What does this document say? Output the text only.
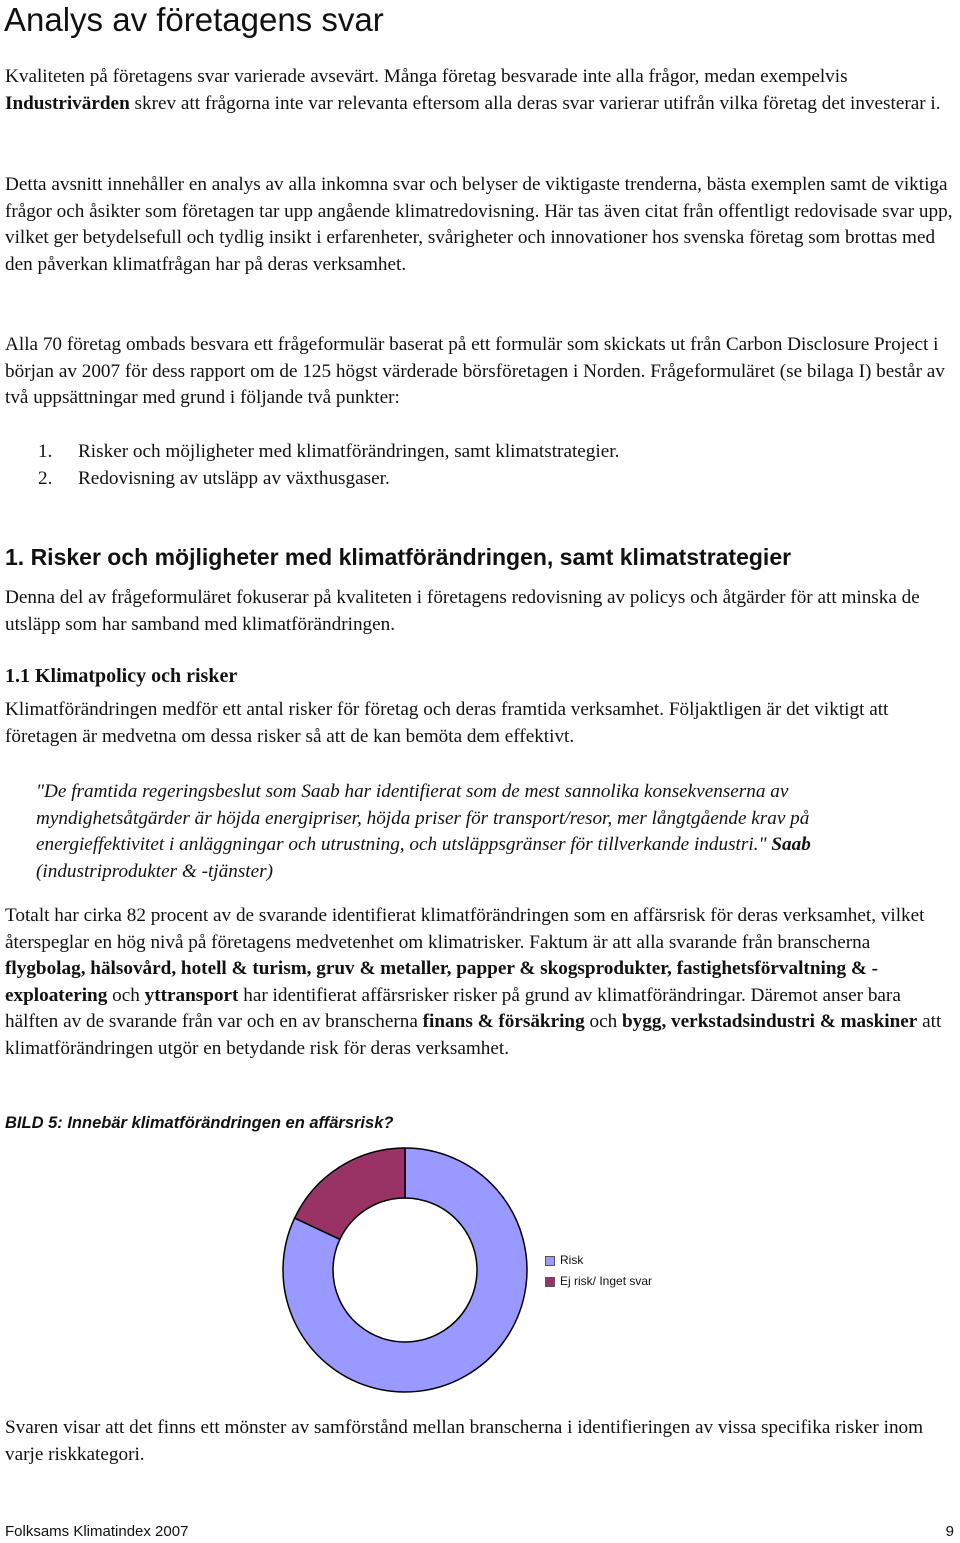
Analys av företagens svar

Kvaliteten på företagens svar varierade avsevärt. Många företag besvarade inte alla frågor, medan exempelvis Industrivärden skrev att frågorna inte var relevanta eftersom alla deras svar varierar utifrån vilka företag det investerar i.

Detta avsnitt innehåller en analys av alla inkomna svar och belyser de viktigaste trenderna, bästa exemplen samt de viktiga frågor och åsikter som företagen tar upp angående klimatredovisning. Här tas även citat från offentligt redovisade svar upp, vilket ger betydelsefull och tydlig insikt i erfarenheter, svårigheter och innovationer hos svenska företag som brottas med den påverkan klimatfrågan har på deras verksamhet.

Alla 70 företag ombads besvara ett frågeformulär baserat på ett formulär som skickats ut från Carbon Disclosure Project i början av 2007 för dess rapport om de 125 högst värderade börsföretagen i Norden. Frågeformuläret (se bilaga I) består av två uppsättningar med grund i följande två punkter:

1.	Risker och möjligheter med klimatförändringen, samt klimatstrategier.
2.	Redovisning av utsläpp av växthusgaser.
1. Risker och möjligheter med klimatförändringen, samt klimatstrategier

Denna del av frågeformuläret fokuserar på kvaliteten i företagens redovisning av policys och åtgärder för att minska de utsläpp som har samband med klimatförändringen.

1.1 Klimatpolicy och risker

Klimatförändringen medför ett antal risker för företag och deras framtida verksamhet. Följaktligen är det viktigt att företagen är medvetna om dessa risker så att de kan bemöta dem effektivt.

"De framtida regeringsbeslut som Saab har identifierat som de mest sannolika konsekvenserna av myndighetsåtgärder är höjda energipriser, höjda priser för transport/resor, mer långtgående krav på energieffektivitet i anläggningar och utrustning, och utsläppsgränser för tillverkande industri." Saab (industriprodukter & -tjänster)

Totalt har cirka 82 procent av de svarande identifierat klimatförändringen som en affärsrisk för deras verksamhet, vilket återspeglar en hög nivå på företagens medvetenhet om klimatrisker. Faktum är att alla svarande från branscherna flygbolag, hälsovård, hotell & turism, gruv & metaller, papper & skogsprodukter, fastighetsförvaltning & -exploatering och yttransport har identifierat affärsrisker risker på grund av klimatförändringar. Däremot anser bara hälften av de svarande från var och en av branscherna finans & försäkring och bygg, verkstadsindustri & maskiner att klimatförändringen utgör en betydande risk för deras verksamhet.

BILD 5: Innebär klimatförändringen en affärsrisk?
Risk
Ej risk/ Inget svar

Svaren visar att det finns ett mönster av samförstånd mellan branscherna i identifieringen av vissa specifika risker inom varje riskkategori.

Folksams Klimatindex 2007	9
